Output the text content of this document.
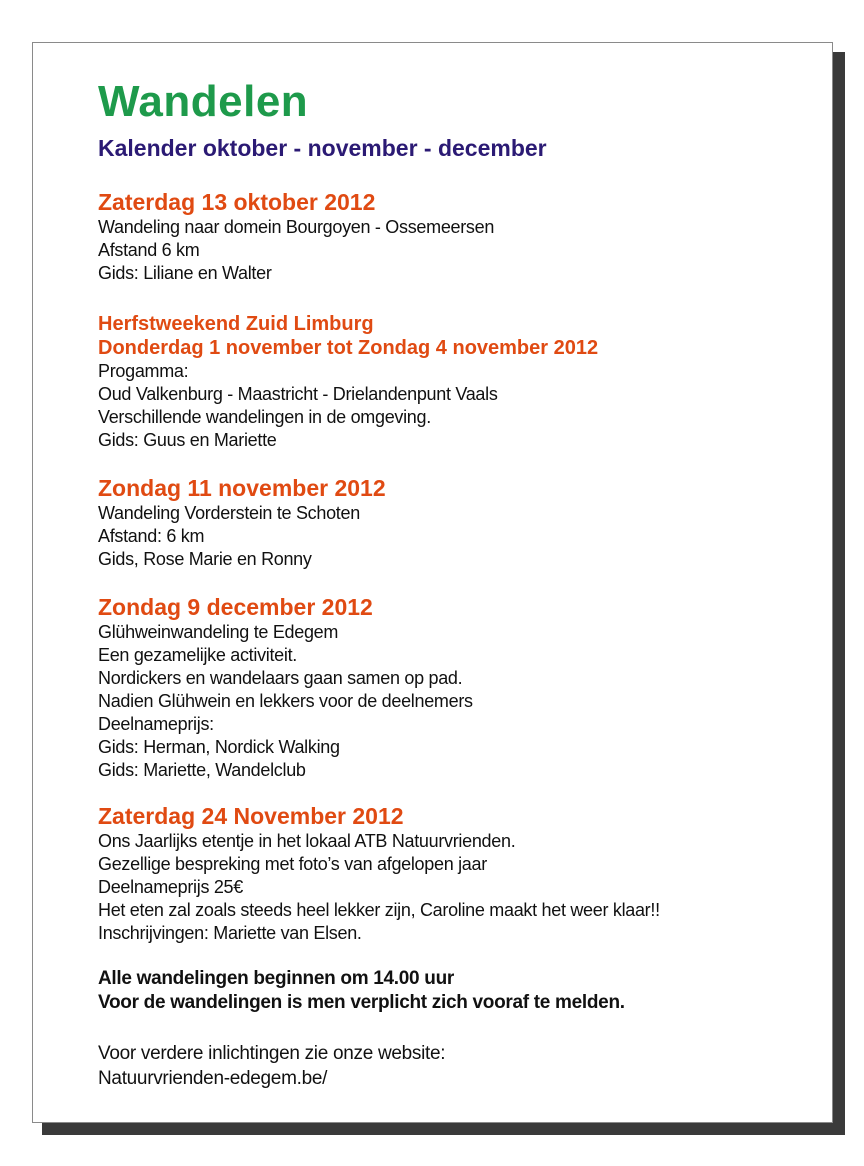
Wandelen
Kalender oktober - november - december

Zaterdag 13 oktober 2012

Wandeling naar domein Bourgoyen - Ossemeersen
Afstand 6 km
Gids: Liliane en Walter

Herfstweekend Zuid Limburg

Donderdag 1 november tot Zondag 4 november 2012

Progamma:
Oud Valkenburg - Maastricht - Drielandenpunt Vaals
Verschillende wandelingen in de omgeving.
Gids: Guus en Mariette

Zondag 11 november 2012

Wandeling Vorderstein te Schoten
Afstand: 6 km
Gids, Rose Marie en Ronny

Zondag 9 december 2012

Glühweinwandeling te Edegem
Een gezamelijke activiteit.
Nordickers en wandelaars gaan samen op pad.
Nadien Glühwein en lekkers voor de deelnemers
Deelnameprijs:
Gids: Herman, Nordick Walking
Gids: Mariette, Wandelclub

Zaterdag 24 November 2012

Ons Jaarlijks etentje in het lokaal ATB Natuurvrienden.
Gezellige bespreking met foto’s van afgelopen jaar
Deelnameprijs 25€
Het eten zal zoals steeds heel lekker zijn, Caroline maakt het weer klaar!!
Inschrijvingen: Mariette van Elsen.
Alle wandelingen beginnen om 14.00 uur
Voor de wandelingen is men verplicht zich vooraf te melden.
Voor verdere inlichtingen zie onze website:
Natuurvrienden-edegem.be/
